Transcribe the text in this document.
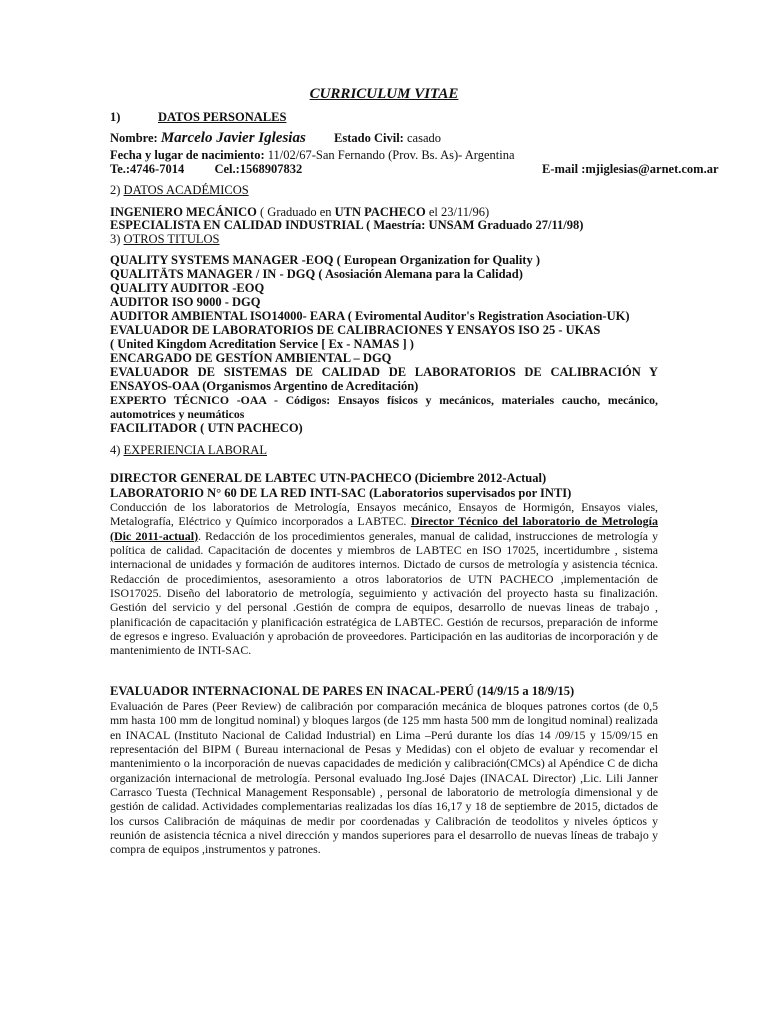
CURRICULUM VITAE
1)	DATOS PERSONALES
Nombre: Marcelo Javier Iglesias Estado Civil: casado
Fecha y lugar de nacimiento: 11/02/67-San Fernando (Prov. Bs. As)- Argentina
Te.:4746-7014 Cel.:1568907832	E-mail :mjiglesias@arnet.com.ar
2) DATOS ACADÉMICOS
INGENIERO MECÁNICO ( Graduado en UTN PACHECO el 23/11/96)
ESPECIALISTA EN CALIDAD INDUSTRIAL ( Maestría: UNSAM Graduado 27/11/98)
3) OTROS TITULOS
QUALITY SYSTEMS MANAGER -EOQ ( European Organization for Quality )
QUALITÄTS MANAGER / IN - DGQ ( Asosiación Alemana para la Calidad)
QUALITY AUDITOR -EOQ
AUDITOR ISO 9000 - DGQ
AUDITOR AMBIENTAL ISO14000- EARA ( Eviromental Auditor's Registration Asociation-UK)
EVALUADOR DE LABORATORIOS DE CALIBRACIONES Y ENSAYOS ISO 25 - UKAS
( United Kingdom Acreditation Service [ Ex - NAMAS ] )
ENCARGADO DE GESTÍON AMBIENTAL – DGQ
EVALUADOR DE SISTEMAS DE CALIDAD DE LABORATORIOS DE CALIBRACIÓN Y ENSAYOS-OAA (Organismos Argentino de Acreditación)
EXPERTO TÉCNICO -OAA - Códigos: Ensayos físicos y mecánicos, materiales caucho, mecánico, automotrices y neumáticos
FACILITADOR ( UTN PACHECO)
4) EXPERIENCIA LABORAL
DIRECTOR GENERAL DE LABTEC UTN-PACHECO (Diciembre 2012-Actual)
LABORATORIO N° 60 DE LA RED INTI-SAC (Laboratorios supervisados por INTI)
Conducción de los laboratorios de Metrología, Ensayos mecánico, Ensayos de Hormigón, Ensayos viales, Metalografía, Eléctrico y Químico incorporados a LABTEC. Director Técnico del laboratorio de Metrología (Dic 2011-actual). Redacción de los procedimientos generales, manual de calidad, instrucciones de metrología y política de calidad. Capacitación de docentes y miembros de LABTEC en ISO 17025, incertidumbre , sistema internacional de unidades y formación de auditores internos. Dictado de cursos de metrología y asistencia técnica. Redacción de procedimientos, asesoramiento a otros laboratorios de UTN PACHECO ,implementación de ISO17025. Diseño del laboratorio de metrología, seguimiento y activación del proyecto hasta su finalización. Gestión del servicio y del personal .Gestión de compra de equipos, desarrollo de nuevas lineas de trabajo , planificación de capacitación y planificación estratégica de LABTEC. Gestión de recursos, preparación de informe de egresos e ingreso. Evaluación y aprobación de proveedores. Participación en las auditorias de incorporación y de mantenimiento de INTI-SAC.
EVALUADOR INTERNACIONAL DE PARES EN INACAL-PERÚ (14/9/15 a 18/9/15)
Evaluación de Pares (Peer Review) de calibración por comparación mecánica de bloques patrones cortos (de 0,5 mm hasta 100 mm de longitud nominal) y bloques largos (de 125 mm hasta 500 mm de longitud nominal) realizada en INACAL (Instituto Nacional de Calidad Industrial) en Lima –Perú durante los días 14 /09/15 y 15/09/15 en representación del BIPM ( Bureau internacional de Pesas y Medidas) con el objeto de evaluar y recomendar el mantenimiento o la incorporación de nuevas capacidades de medición y calibración(CMCs) al Apéndice C de dicha organización internacional de metrología. Personal evaluado Ing.José Dajes (INACAL Director) ,Lic. Lili Janner Carrasco Tuesta (Technical Management Responsable) , personal de laboratorio de metrología dimensional y de gestión de calidad. Actividades complementarias realizadas los días 16,17 y 18 de septiembre de 2015, dictados de los cursos Calibración de máquinas de medir por coordenadas y Calibración de teodolitos y niveles ópticos y reunión de asistencia técnica a nivel dirección y mandos superiores para el desarrollo de nuevas líneas de trabajo y compra de equipos ,instrumentos y patrones.
